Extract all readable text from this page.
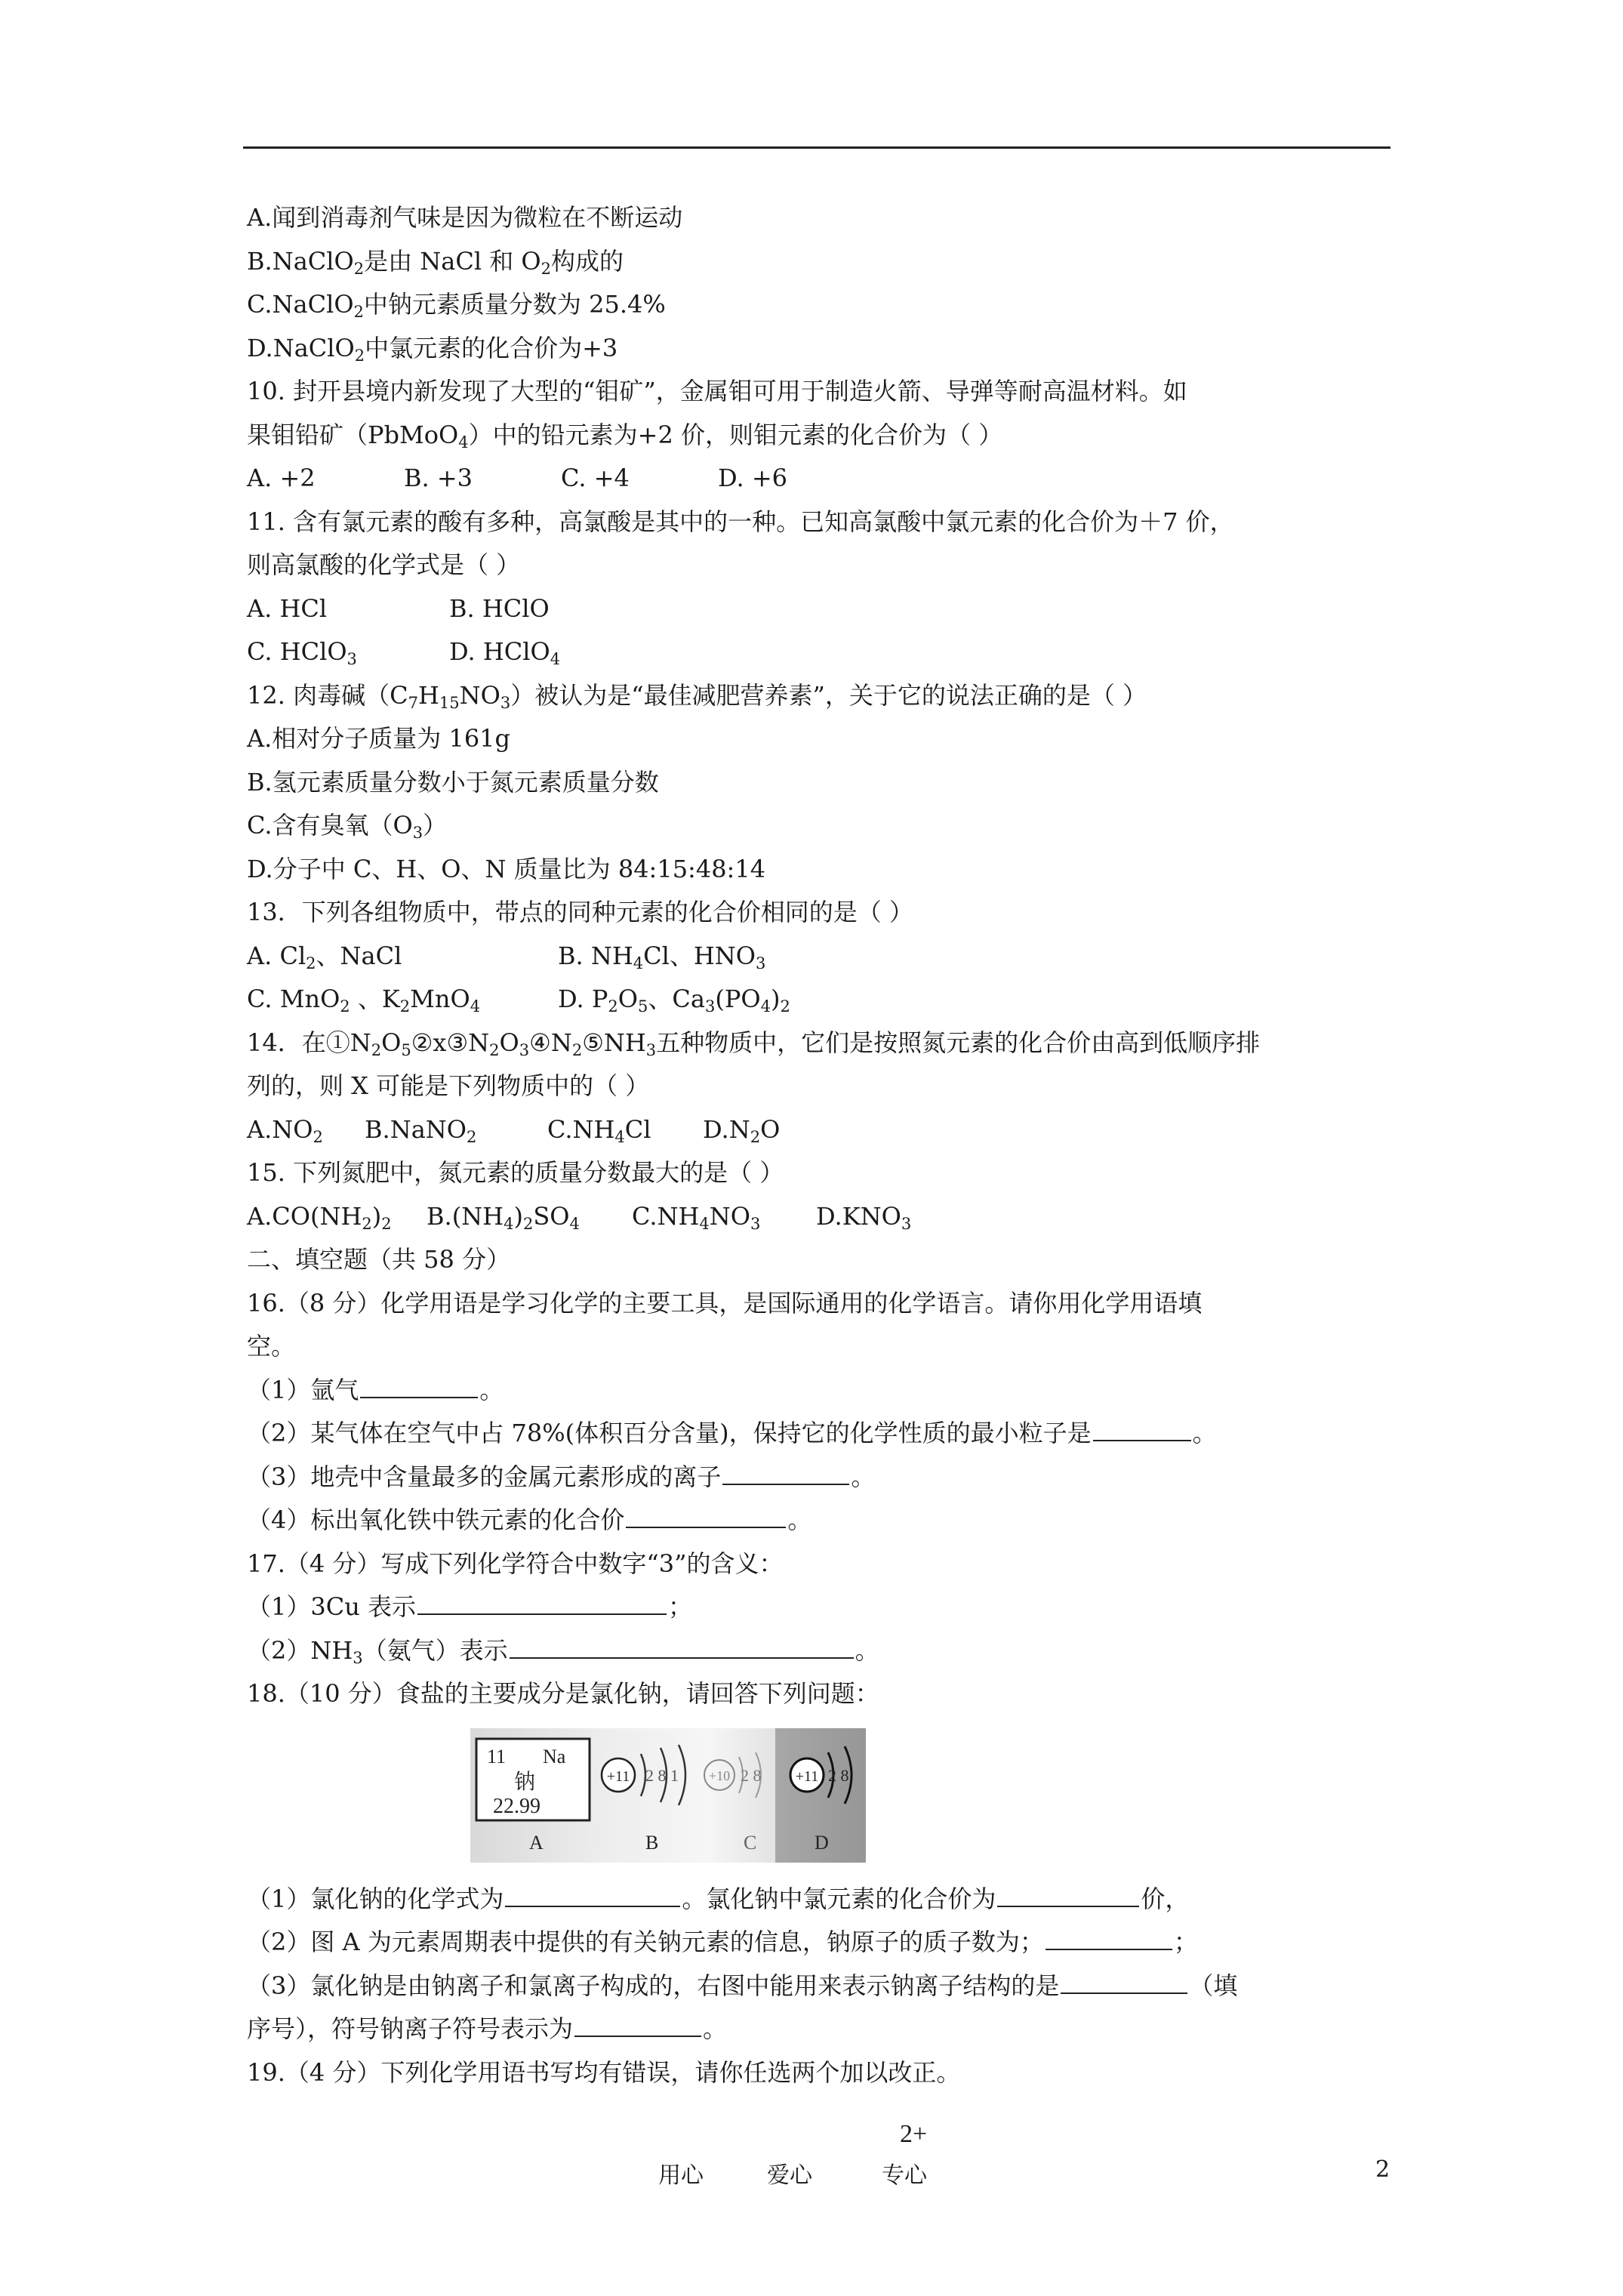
A.闻到消毒剂气味是因为微粒在不断运动
B.NaClO$_2$是由 NaCl 和 $O_2$构成的
C.NaClO$_2$中钠元素质量分数为 25.4%
D.NaClO$_2$中氯元素的化合价为+3
10. 封开县境内新发现了大型的“钼矿”，金属钼可用于制造火箭、导弹等耐高温材料。如
果钼铅矿（PbMoO$_4$）中的铅元素为+2 价，则钼元素的化合价为（ ）
A. +2	B. +3	C. +4	D. +6
11. 含有氯元素的酸有多种，高氯酸是其中的一种。已知高氯酸中氯元素的化合价为＋7 价，
则高氯酸的化学式是（ ）
A. HCl	B. HClO
C. HClO$_3$	D. HClO$_4$
12. 肉毒碱$(C_7H_{15}NO_3)$被认为是“最佳减肥营养素”，关于它的说法正确的是（ ）
A.相对分子质量为 161g
B.氢元素质量分数小于氮元素质量分数
C.含有臭氧$(O_3)$
D.分子中 C、H、O、N 质量比为 84:15:48:14
13．下列各组物质中，带点的同种元素的化合价相同的是（ ）
A. $Cl_2$、NaCl	B. $NH_4Cl$、$HNO_3$
C. MnO$_2$ 、$K_2MnO_4$	D. $P_2O_5$、$Ca_3(PO_4)_2$
14．在$①N_2O_5②x③N_2O_3④N_2⑤NH_3$五种物质中，它们是按照氮元素的化合价由高到低顺序排
列的，则 X 可能是下列物质中的（ ）
$A.NO_2$ B.NaNO$_2$	$C.NH_4Cl$ $D.N_2O$
15. 下列氮肥中，氮元素的质量分数最大的是（ ）
$A.CO(NH_2)_2$ $B.(NH_4)_2SO_4$ $C.NH_4NO_3$ $D.KNO_3$
二、填空题（共 58 分）
16.（8 分）化学用语是学习化学的主要工具，是国际通用的化学语言。请你用化学用语填
空。
（1）氩气	。
（2）某气体在空气中占 78%(体积百分含量)，保持它的化学性质的最小粒子是	。
（3）地壳中含量最多的金属元素形成的离子	。
（4）标出氧化铁中铁元素的化合价	。
17.（4 分）写成下列化学符合中数字“3”的含义：
（1）3Cu 表示	；
$(2)NH_3$（氨气）表示	。
18.（10 分）食盐的主要成分是氯化钠，请回答下列问题：
11 Na
钠
22.99
+11 2 8 1 +10 2 8 +11 2 8
A	B	C	D
（1）氯化钠的化学式为	。氯化钠中氯元素的化合价为	价，
（2）图 A 为元素周期表中提供的有关钠元素的信息，钠原子的质子数为；	；
（3）氯化钠是由钠离子和氯离子构成的，右图中能用来表示钠离子结构的是	（填
序号），符号钠离子符号表示为	。
19.（4 分）下列化学用语书写均有错误，请你任选两个加以改正。
2+
用心	爱心	专心	2
